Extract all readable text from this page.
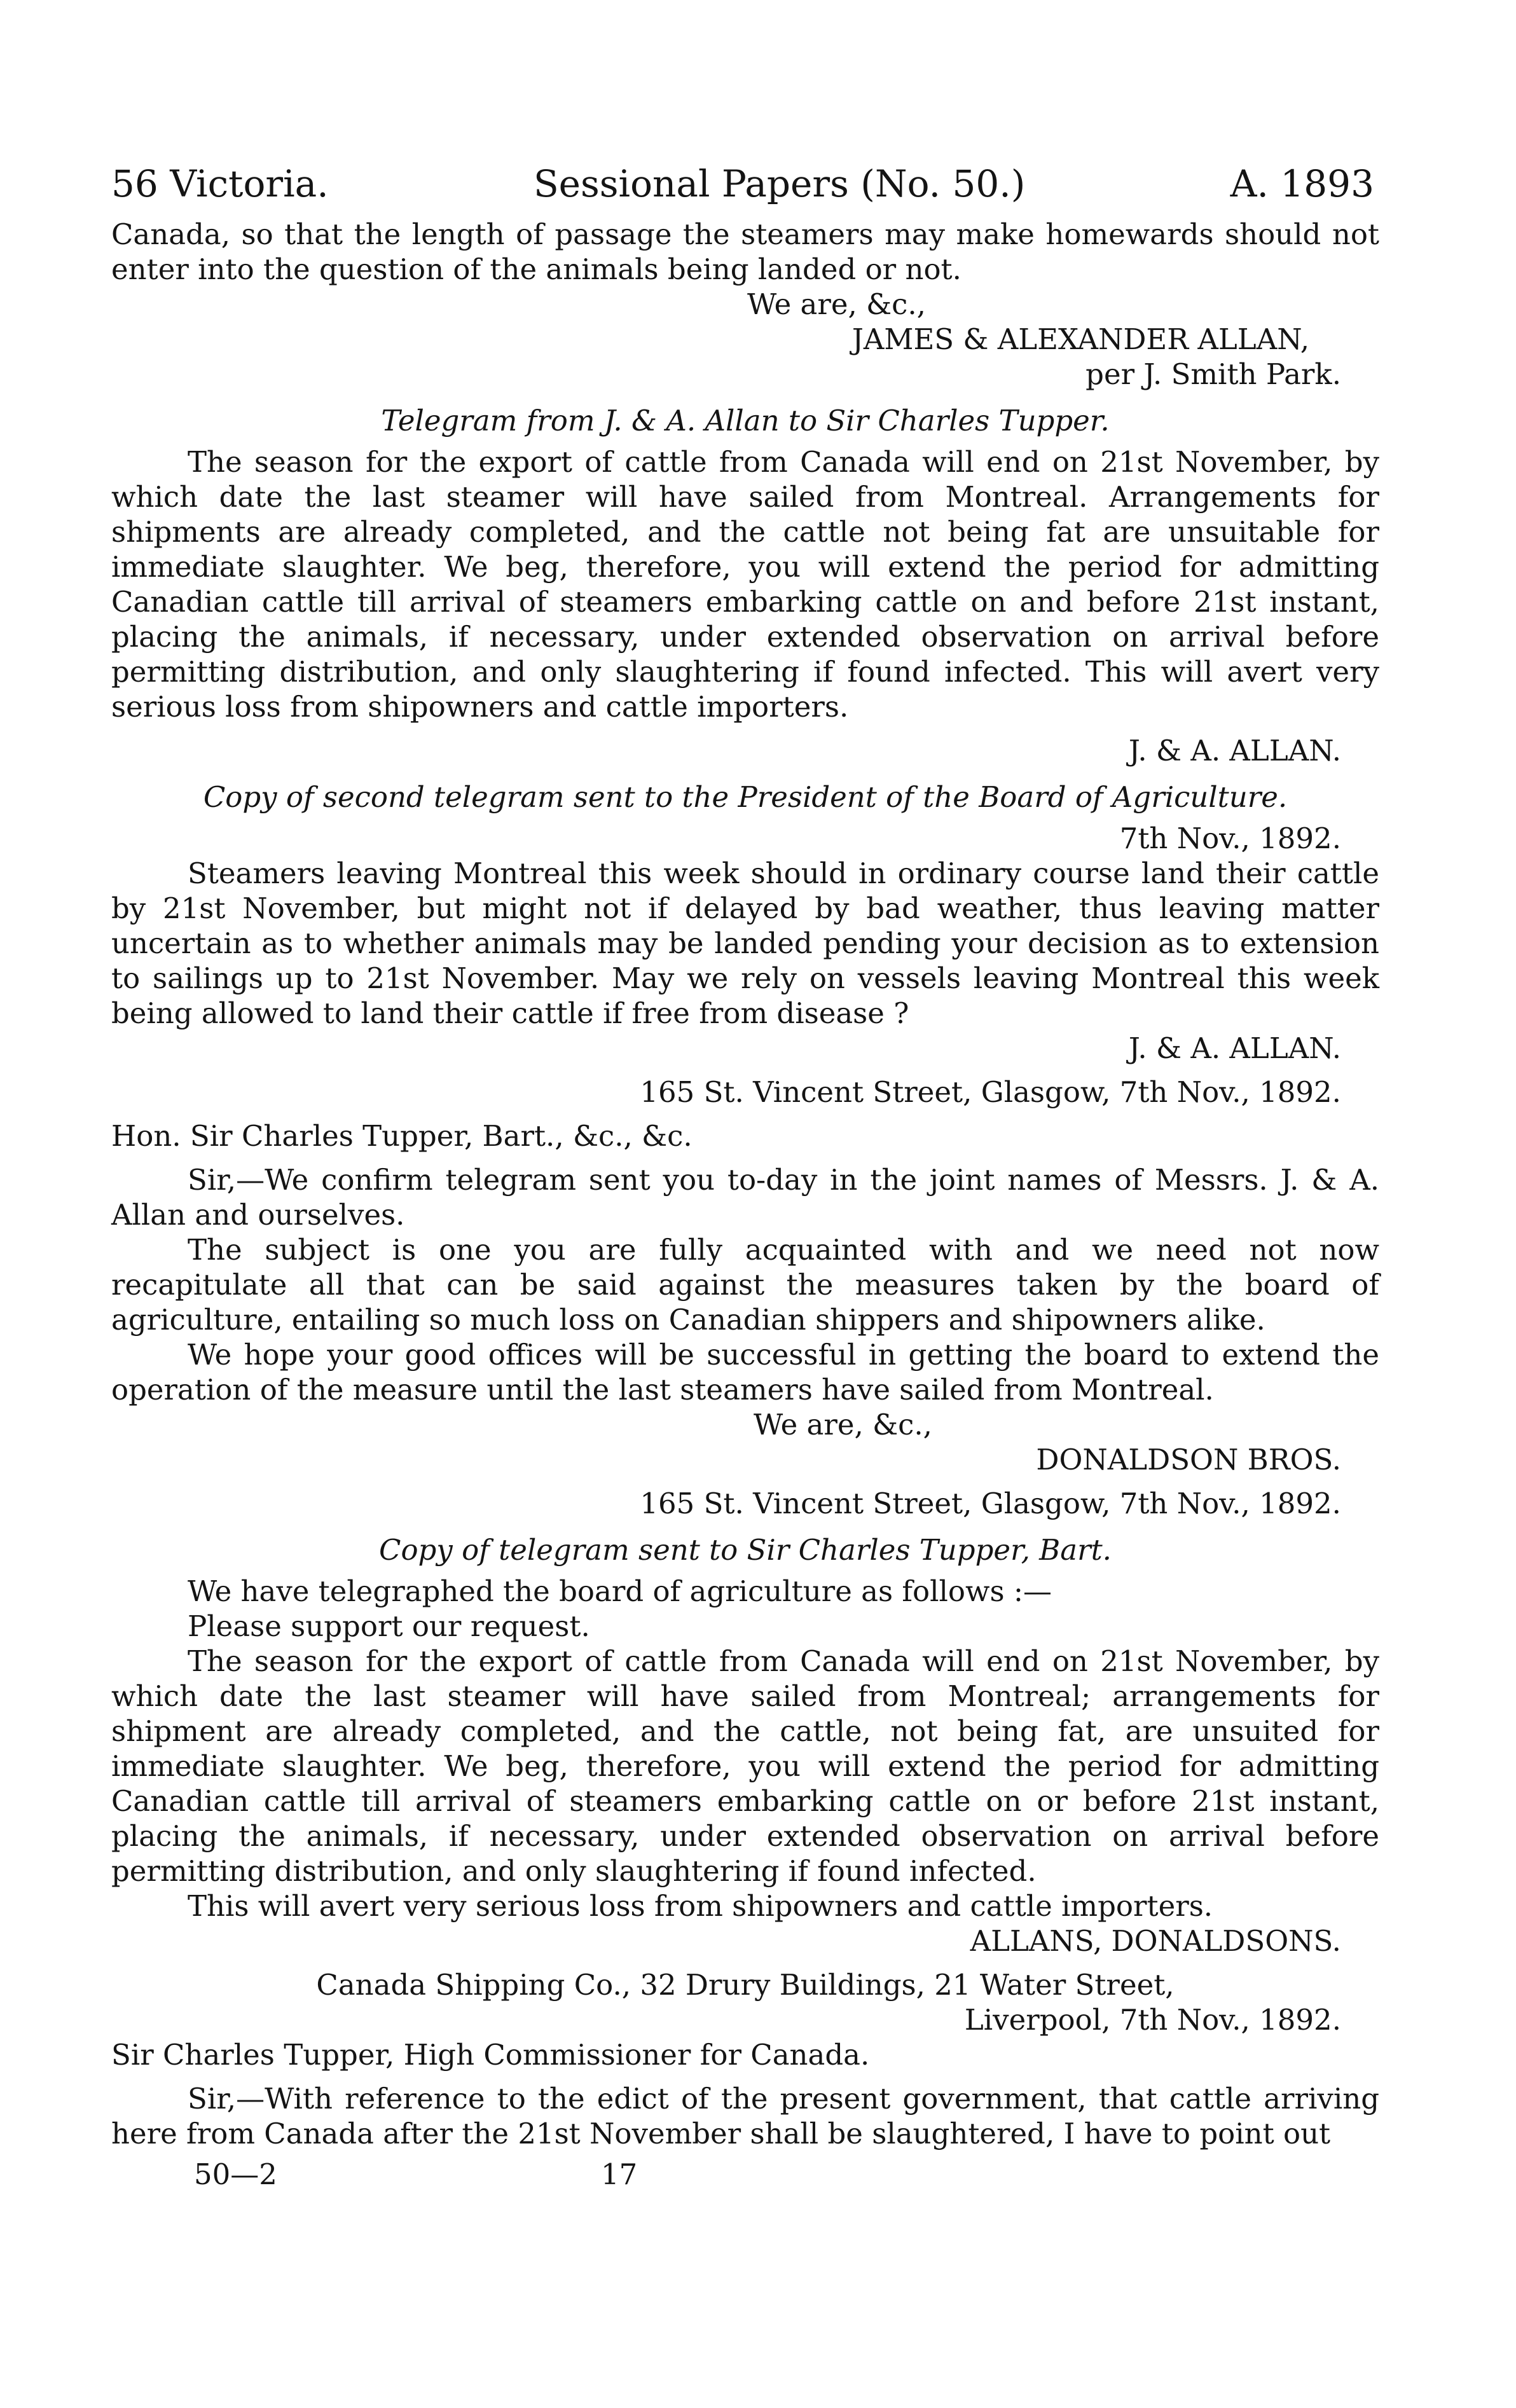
56 Victoria.	Sessional Papers (No. 50.)	A. 1893

Canada, so that the length of passage the steamers may make homewards should not enter into the question of the animals being landed or not.

We are, &c.,

JAMES & ALEXANDER ALLAN,

per J. Smith Park.

Telegram from J. & A. Allan to Sir Charles Tupper.

The season for the export of cattle from Canada will end on 21st November, by which date the last steamer will have sailed from Montreal. Arrangements for shipments are already completed, and the cattle not being fat are unsuitable for immediate slaughter. We beg, therefore, you will extend the period for admitting Canadian cattle till arrival of steamers embarking cattle on and before 21st instant, placing the animals, if necessary, under extended observation on arrival before permitting distribution, and only slaughtering if found infected. This will avert very serious loss from shipowners and cattle importers.

J. & A. ALLAN.

Copy of second telegram sent to the President of the Board of Agriculture.

7th Nov., 1892.

Steamers leaving Montreal this week should in ordinary course land their cattle by 21st November, but might not if delayed by bad weather, thus leaving matter uncertain as to whether animals may be landed pending your decision as to extension to sailings up to 21st November. May we rely on vessels leaving Montreal this week being allowed to land their cattle if free from disease ?

J. & A. ALLAN.

165 St. Vincent Street, Glasgow, 7th Nov., 1892.

Hon. Sir Charles Tupper, Bart., &c., &c.

Sir,—We confirm telegram sent you to-day in the joint names of Messrs. J. & A. Allan and ourselves.

The subject is one you are fully acquainted with and we need not now recapitulate all that can be said against the measures taken by the board of agriculture, entailing so much loss on Canadian shippers and shipowners alike.

We hope your good offices will be successful in getting the board to extend the operation of the measure until the last steamers have sailed from Montreal.

We are, &c.,

DONALDSON BROS.

165 St. Vincent Street, Glasgow, 7th Nov., 1892.

Copy of telegram sent to Sir Charles Tupper, Bart.

We have telegraphed the board of agriculture as follows :—

Please support our request.

The season for the export of cattle from Canada will end on 21st November, by which date the last steamer will have sailed from Montreal; arrangements for shipment are already completed, and the cattle, not being fat, are unsuited for immediate slaughter. We beg, therefore, you will extend the period for admitting Canadian cattle till arrival of steamers embarking cattle on or before 21st instant, placing the animals, if necessary, under extended observation on arrival before permitting distribution, and only slaughtering if found infected.

This will avert very serious loss from shipowners and cattle importers.

ALLANS, DONALDSONS.

Canada Shipping Co., 32 Drury Buildings, 21 Water Street,

Liverpool, 7th Nov., 1892.

Sir Charles Tupper, High Commissioner for Canada.

Sir,—With reference to the edict of the present government, that cattle arriving here from Canada after the 21st November shall be slaughtered, I have to point out

50—2	17
